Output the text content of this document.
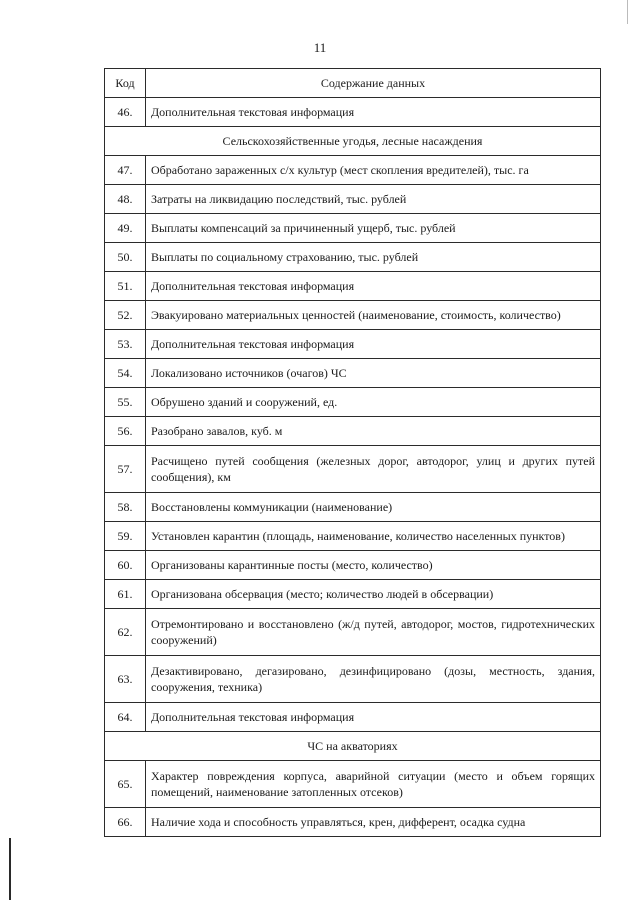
11
Код	Содержание данных
46.	Дополнительная текстовая информация
Сельскохозяйственные угодья, лесные насаждения	
47.	Обработано зараженных с/х культур (мест скопления вредителей), тыс. га
48.	Затраты на ликвидацию последствий, тыс. рублей
49.	Выплаты компенсаций за причиненный ущерб, тыс. рублей
50.	Выплаты по социальному страхованию, тыс. рублей
51.	Дополнительная текстовая информация
52.	Эвакуировано материальных ценностей (наименование, стоимость, количество)
53.	Дополнительная текстовая информация
54.	Локализовано источников (очагов) ЧС
55.	Обрушено зданий и сооружений, ед.
56.	Разобрано завалов, куб. м
57.	Расчищено путей сообщения (железных дорог, автодорог, улиц и других путей сообщения), км
58.	Восстановлены коммуникации (наименование)
59.	Установлен карантин (площадь, наименование, количество населенных пунктов)
60.	Организованы карантинные посты (место, количество)
61.	Организована обсервация (место; количество людей в обсервации)
62.	Отремонтировано и восстановлено (ж/д путей, автодорог, мостов, гидротехнических сооружений)
63.	Дезактивировано, дегазировано, дезинфицировано (дозы, местность, здания, сооружения, техника)
64.	Дополнительная текстовая информация
ЧС на акваториях	
65.	Характер повреждения корпуса, аварийной ситуации (место и объем горящих помещений, наименование затопленных отсеков)
66.	Наличие хода и способность управляться, крен, дифферент, осадка судна
